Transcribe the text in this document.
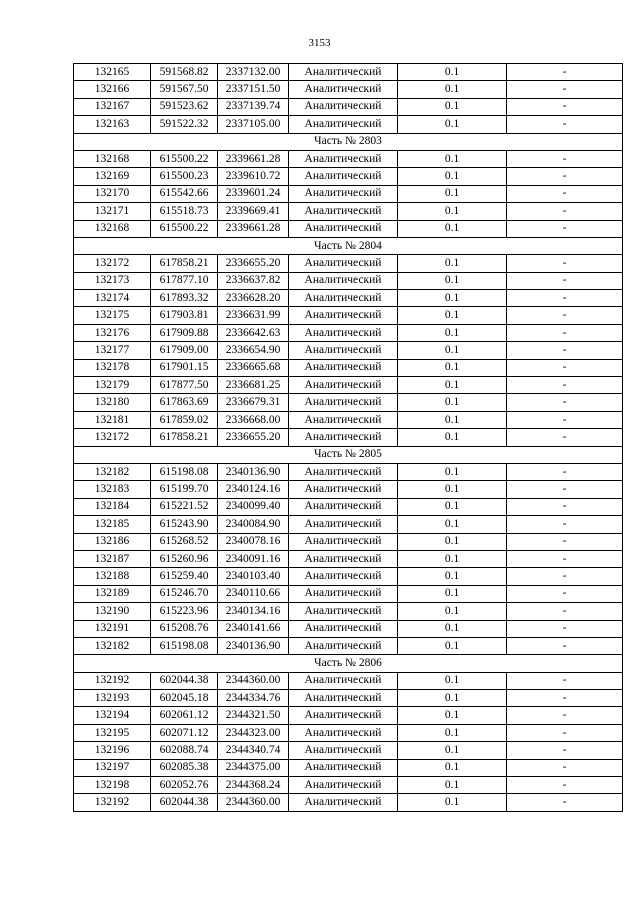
3153
132165	591568.82	2337132.00	Аналитический	0.1	-
132166	591567.50	2337151.50	Аналитический	0.1	-
132167	591523.62	2337139.74	Аналитический	0.1	-
132163	591522.32	2337105.00	Аналитический	0.1	-
Часть № 2803					
132168	615500.22	2339661.28	Аналитический	0.1	-
132169	615500.23	2339610.72	Аналитический	0.1	-
132170	615542.66	2339601.24	Аналитический	0.1	-
132171	615518.73	2339669.41	Аналитический	0.1	-
132168	615500.22	2339661.28	Аналитический	0.1	-
Часть № 2804					
132172	617858.21	2336655.20	Аналитический	0.1	-
132173	617877.10	2336637.82	Аналитический	0.1	-
132174	617893.32	2336628.20	Аналитический	0.1	-
132175	617903.81	2336631.99	Аналитический	0.1	-
132176	617909.88	2336642.63	Аналитический	0.1	-
132177	617909.00	2336654.90	Аналитический	0.1	-
132178	617901.15	2336665.68	Аналитический	0.1	-
132179	617877.50	2336681.25	Аналитический	0.1	-
132180	617863.69	2336679.31	Аналитический	0.1	-
132181	617859.02	2336668.00	Аналитический	0.1	-
132172	617858.21	2336655.20	Аналитический	0.1	-
Часть № 2805					
132182	615198.08	2340136.90	Аналитический	0.1	-
132183	615199.70	2340124.16	Аналитический	0.1	-
132184	615221.52	2340099.40	Аналитический	0.1	-
132185	615243.90	2340084.90	Аналитический	0.1	-
132186	615268.52	2340078.16	Аналитический	0.1	-
132187	615260.96	2340091.16	Аналитический	0.1	-
132188	615259.40	2340103.40	Аналитический	0.1	-
132189	615246.70	2340110.66	Аналитический	0.1	-
132190	615223.96	2340134.16	Аналитический	0.1	-
132191	615208.76	2340141.66	Аналитический	0.1	-
132182	615198.08	2340136.90	Аналитический	0.1	-
Часть № 2806					
132192	602044.38	2344360.00	Аналитический	0.1	-
132193	602045.18	2344334.76	Аналитический	0.1	-
132194	602061.12	2344321.50	Аналитический	0.1	-
132195	602071.12	2344323.00	Аналитический	0.1	-
132196	602088.74	2344340.74	Аналитический	0.1	-
132197	602085.38	2344375.00	Аналитический	0.1	-
132198	602052.76	2344368.24	Аналитический	0.1	-
132192	602044.38	2344360.00	Аналитический	0.1	-
